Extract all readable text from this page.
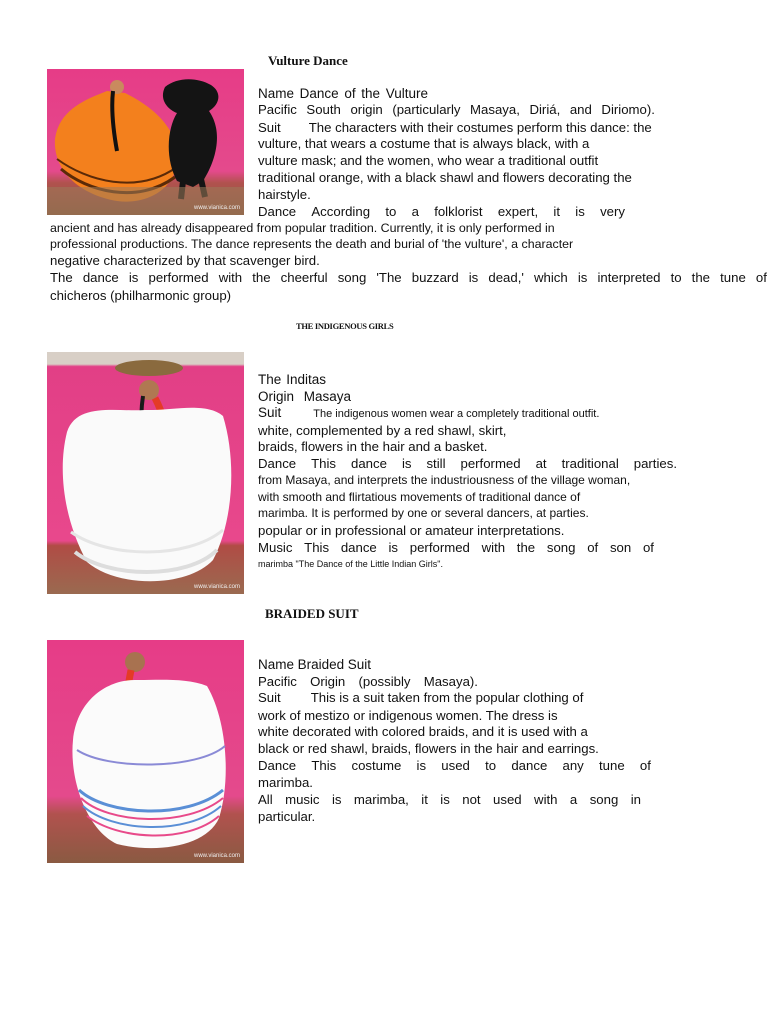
Vulture Dance
www.vianica.com
Name Dance of the Vulture
Pacific South origin (particularly Masaya, Diriá, and Diriomo).
Suit The characters with their costumes perform this dance: the
vulture, that wears a costume that is always black, with a
vulture mask; and the women, who wear a traditional outfit
traditional orange, with a black shawl and flowers decorating the
hairstyle.
Dance According to a folklorist expert, it is very
ancient and has already disappeared from popular tradition. Currently, it is only performed in
professional productions. The dance represents the death and burial of 'the vulture', a character
negative characterized by that scavenger bird.
The dance is performed with the cheerful song 'The buzzard is dead,' which is interpreted to the tune of
chicheros (philharmonic group)
THE INDIGENOUS GIRLS
www.vianica.com
The Inditas
Origin Masaya
Suit	The indigenous women wear a completely traditional outfit.
white, complemented by a red shawl, skirt,
braids, flowers in the hair and a basket.
Dance This dance is still performed at traditional parties.
from Masaya, and interprets the industriousness of the village woman,
with smooth and flirtatious movements of traditional dance of
marimba. It is performed by one or several dancers, at parties.
popular or in professional or amateur interpretations.
Music This dance is performed with the song of son of
marimba "The Dance of the Little Indian Girls".
BRAIDED SUIT
www.vianica.com
Name Braided Suit
Pacific Origin (possibly Masaya).
Suit This is a suit taken from the popular clothing of
work of mestizo or indigenous women. The dress is
white decorated with colored braids, and it is used with a
black or red shawl, braids, flowers in the hair and earrings.
Dance This costume is used to dance any tune of
marimba.
All music is marimba, it is not used with a song in
particular.
